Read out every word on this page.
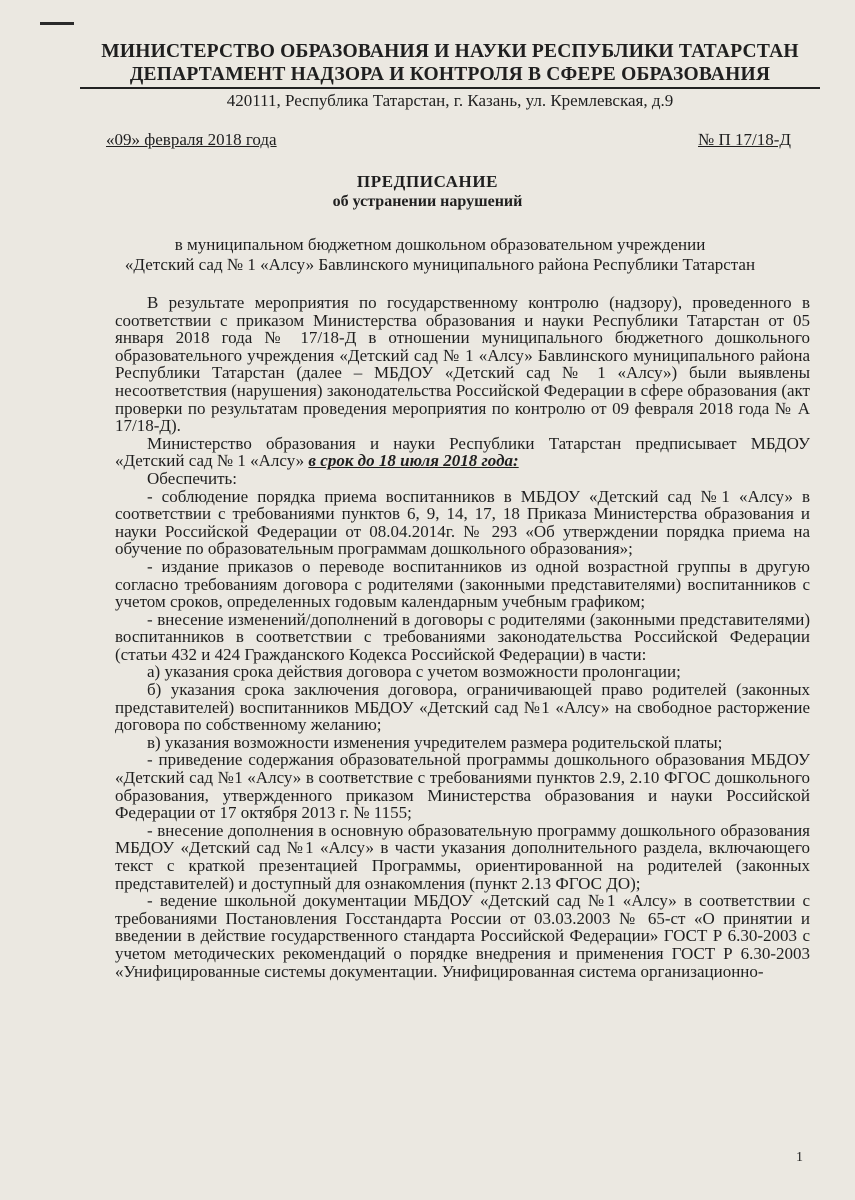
МИНИСТЕРСТВО ОБРАЗОВАНИЯ И НАУКИ РЕСПУБЛИКИ ТАТАРСТАН
ДЕПАРТАМЕНТ НАДЗОРА И КОНТРОЛЯ В СФЕРЕ ОБРАЗОВАНИЯ
420111, Республика Татарстан, г. Казань, ул. Кремлевская, д.9
«09» февраля 2018 года	№ П 17/18-Д
ПРЕДПИСАНИЕ
об устранении нарушений
в муниципальном бюджетном дошкольном образовательном учреждении
«Детский сад № 1 «Алсу» Бавлинского муниципального района Республики Татарстан

В результате мероприятия по государственному контролю (надзору), проведенного в соответствии с приказом Министерства образования и науки Республики Татарстан от 05 января 2018 года № 17/18-Д в отношении муниципального бюджетного дошкольного образовательного учреждения «Детский сад № 1 «Алсу» Бавлинского муниципального района Республики Татарстан (далее – МБДОУ «Детский сад № 1 «Алсу») были выявлены несоответствия (нарушения) законодательства Российской Федерации в сфере образования (акт проверки по результатам проведения мероприятия по контролю от 09 февраля 2018 года № А 17/18-Д).

Министерство образования и науки Республики Татарстан предписывает МБДОУ «Детский сад № 1 «Алсу» в срок до 18 июля 2018 года:

Обеспечить:

- соблюдение порядка приема воспитанников в МБДОУ «Детский сад №1 «Алсу» в соответствии с требованиями пунктов 6, 9, 14, 17, 18 Приказа Министерства образования и науки Российской Федерации от 08.04.2014г. № 293 «Об утверждении порядка приема на обучение по образовательным программам дошкольного образования»;

- издание приказов о переводе воспитанников из одной возрастной группы в другую согласно требованиям договора с родителями (законными представителями) воспитанников с учетом сроков, определенных годовым календарным учебным графиком;

- внесение изменений/дополнений в договоры с родителями (законными представителями) воспитанников в соответствии с требованиями законодательства Российской Федерации (статьи 432 и 424 Гражданского Кодекса Российской Федерации) в части:

а) указания срока действия договора с учетом возможности пролонгации;

б) указания срока заключения договора, ограничивающей право родителей (законных представителей) воспитанников МБДОУ «Детский сад №1 «Алсу» на свободное расторжение договора по собственному желанию;

в) указания возможности изменения учредителем размера родительской платы;

- приведение содержания образовательной программы дошкольного образования МБДОУ «Детский сад №1 «Алсу» в соответствие с требованиями пунктов 2.9, 2.10 ФГОС дошкольного образования, утвержденного приказом Министерства образования и науки Российской Федерации от 17 октября 2013 г. № 1155;

- внесение дополнения в основную образовательную программу дошкольного образования МБДОУ «Детский сад №1 «Алсу» в части указания дополнительного раздела, включающего текст с краткой презентацией Программы, ориентированной на родителей (законных представителей) и доступный для ознакомления (пункт 2.13 ФГОС ДО);

- ведение школьной документации МБДОУ «Детский сад №1 «Алсу» в соответствии с требованиями Постановления Госстандарта России от 03.03.2003 № 65-ст «О принятии и введении в действие государственного стандарта Российской Федерации» ГОСТ Р 6.30-2003 с учетом методических рекомендаций о порядке внедрения и применения ГОСТ Р 6.30-2003 «Унифицированные системы документации. Унифицированная система организационно-

1
